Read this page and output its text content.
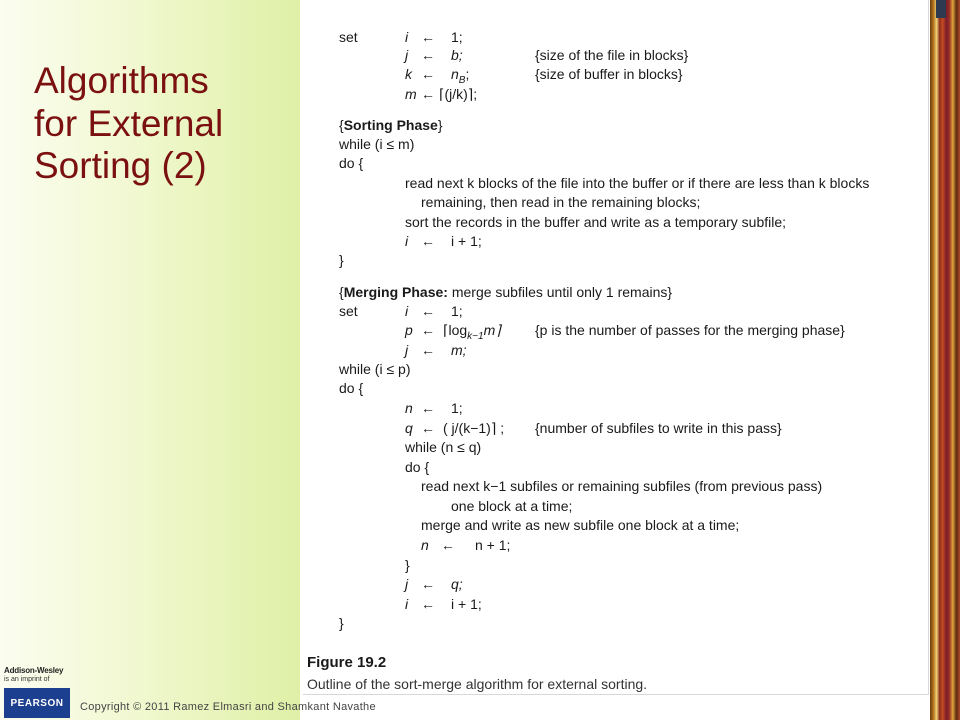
Algorithms
for External
Sorting (2)
set	i ← 1;
j ← b;	{size of the file in blocks}
k ← $n_B$;	{size of buffer in blocks}
m ← ⌈(j/k)⌉;
{Sorting Phase}
while (i ≤ m)
do {
read next k blocks of the file into the buffer or if there are less than k blocks
remaining, then read in the remaining blocks;
sort the records in the buffer and write as a temporary subfile;
i ← i + 1;
}
{Merging Phase: merge subfiles until only 1 remains}
set	i ← 1;
p ← $⌈\log_{k-1}m⌉$ {p is the number of passes for the merging phase}
j ← m;
while (i ≤ p)
do {
n ← 1;
q ← ( j/(k−1)⌉ ; {number of subfiles to write in this pass}
while (n ≤ q)
do {
read next k−1 subfiles or remaining subfiles (from previous pass)
one block at a time;
merge and write as new subfile one block at a time;
n ← n + 1;
}
j ← q;
i ← i + 1;
}
Figure 19.2
Outline of the sort-merge algorithm for external sorting.
Addison-Wesley
is an imprint of
PEARSON	Copyright © 2011 Ramez Elmasri and Shamkant Navathe
